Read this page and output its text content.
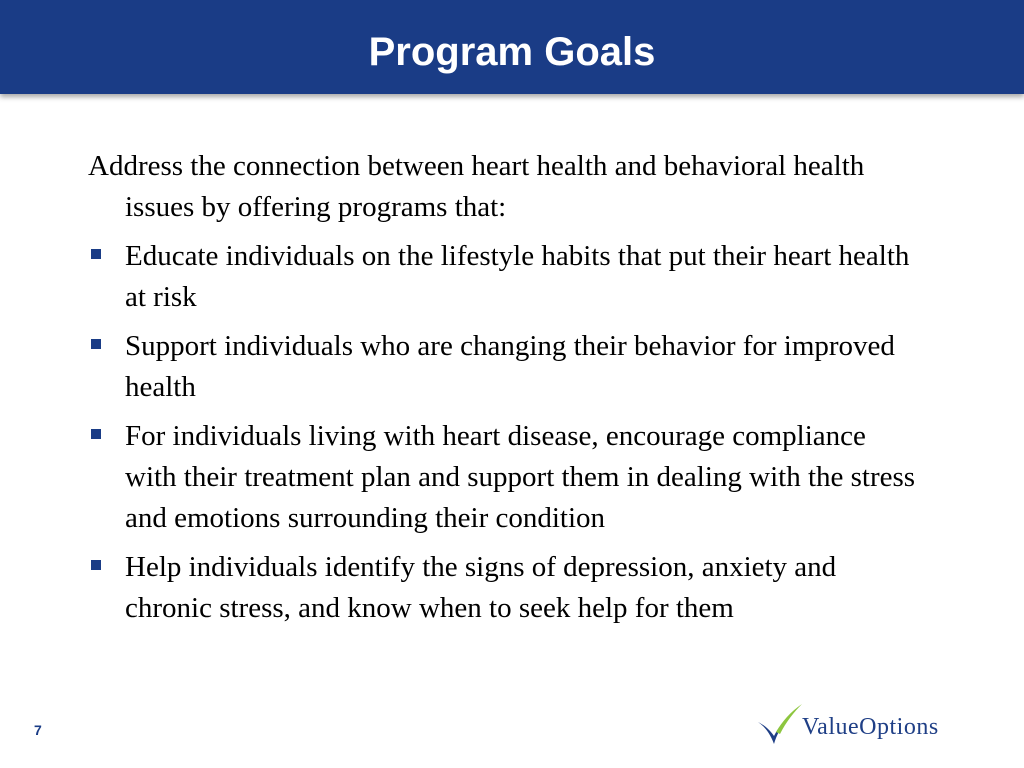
Program Goals

Address the connection between heart health and behavioral health issues by offering programs that:

Educate individuals on the lifestyle habits that put their heart health at risk
Support individuals who are changing their behavior for improved health
For individuals living with heart disease, encourage compliance with their treatment plan and support them in dealing with the stress and emotions surrounding their condition
Help individuals identify the signs of depression, anxiety and chronic stress, and know when to seek help for them
7	ValueOptions
